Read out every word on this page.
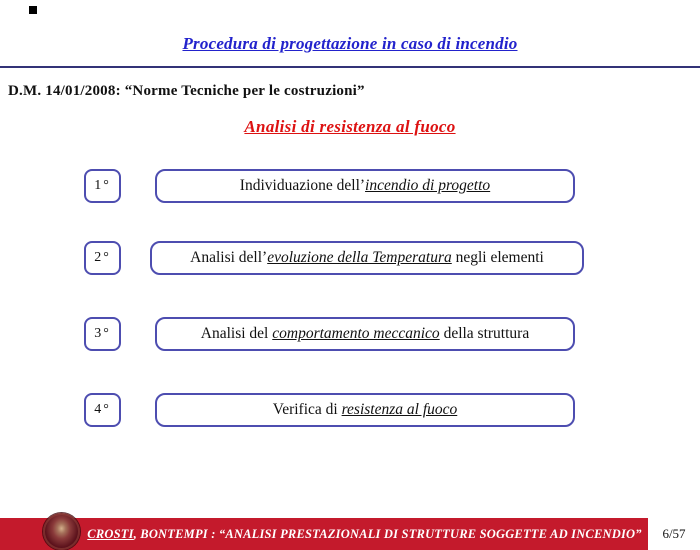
Procedura di progettazione in caso di incendio
D.M. 14/01/2008: “Norme Tecniche per le costruzioni”
Analisi di resistenza al fuoco
1°	Individuazione dell’incendio di progetto
2°	Analisi dell’evoluzione della Temperatura negli elementi
3°	Analisi del comportamento meccanico della struttura
4°	Verifica di resistenza al fuoco
CROSTI, BONTEMPI : “ANALISI PRESTAZIONALI DI STRUTTURE SOGGETTE AD INCENDIO” 6/57
